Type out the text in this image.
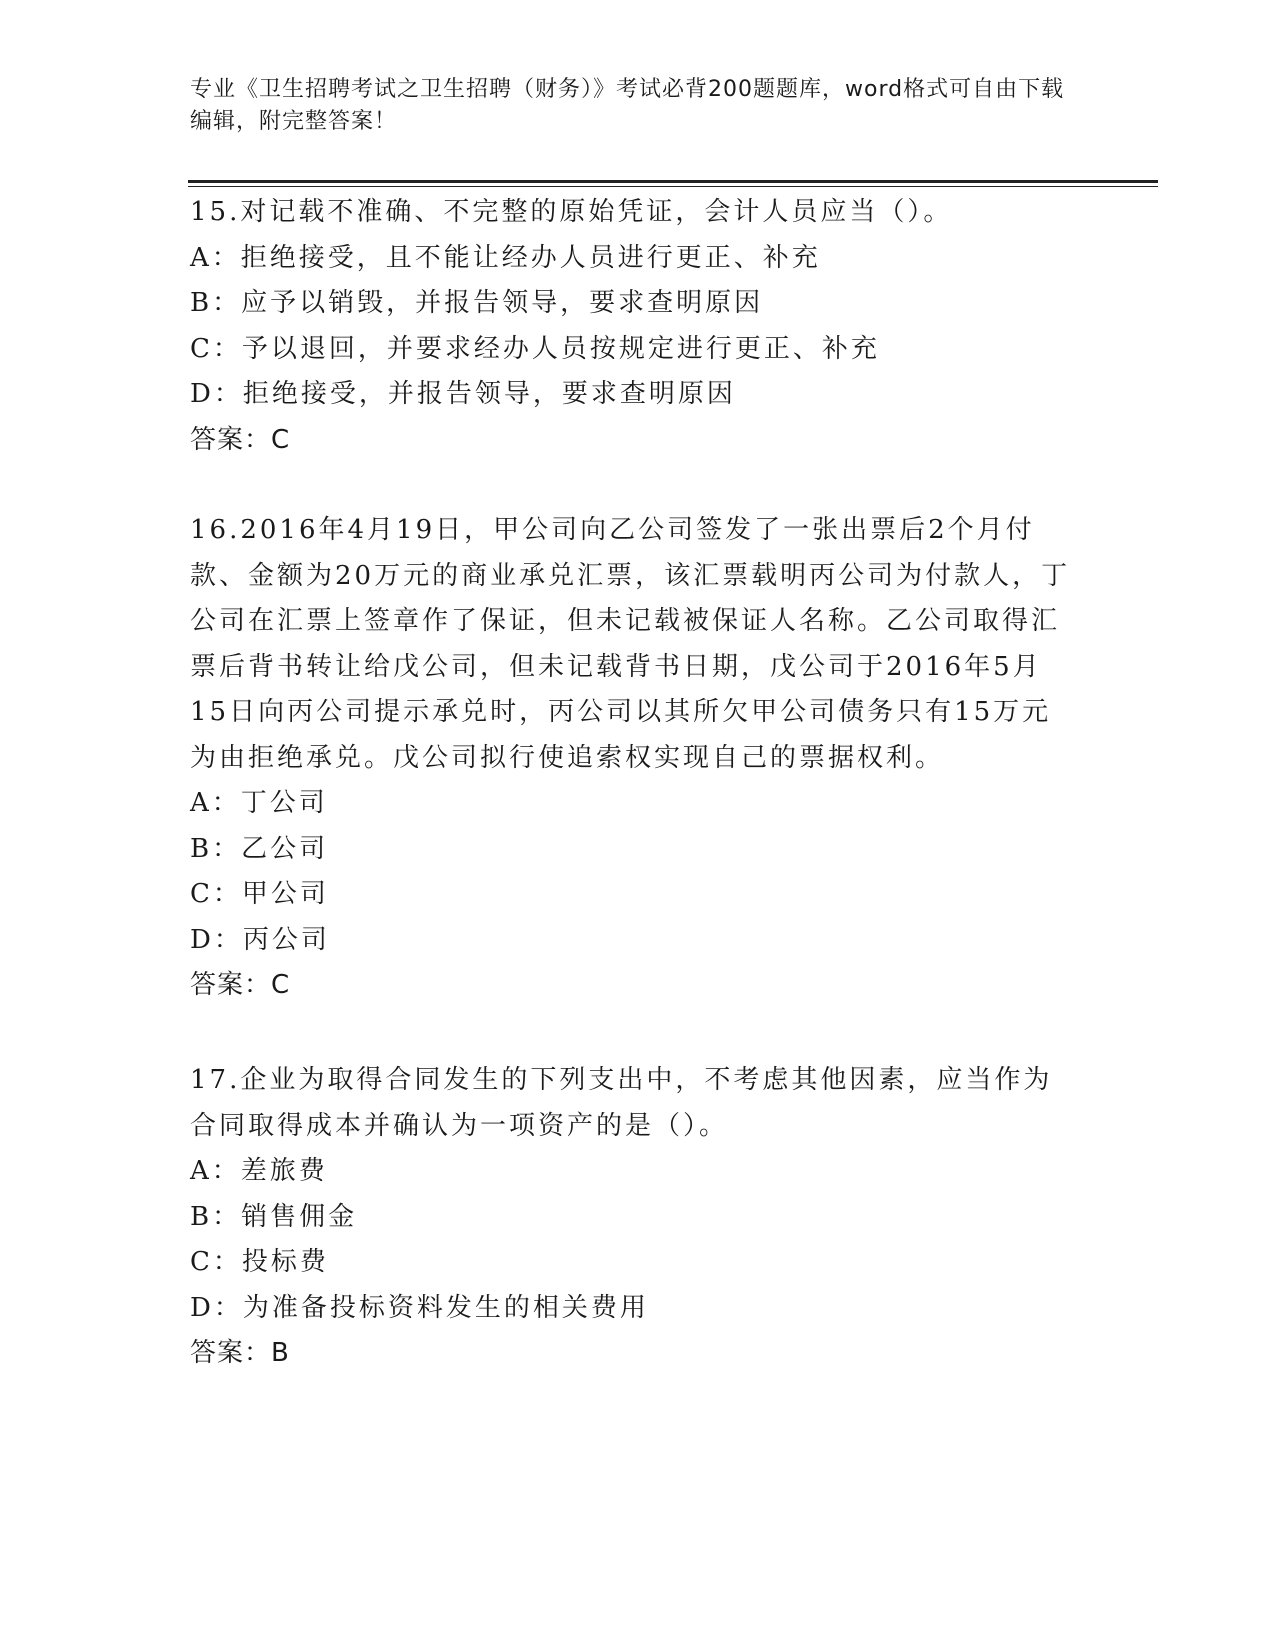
专业《卫生招聘考试之卫生招聘（财务）》考试必背200题题库，word格式可自由下载编辑，附完整答案！

15.对记载不准确、不完整的原始凭证，会计人员应当（）。

A：拒绝接受，且不能让经办人员进行更正、补充

B：应予以销毁，并报告领导，要求查明原因

C：予以退回，并要求经办人员按规定进行更正、补充

D：拒绝接受，并报告领导，要求查明原因

答案：C

16.2016年4月19日，甲公司向乙公司签发了一张出票后2个月付款、金额为20万元的商业承兑汇票，该汇票载明丙公司为付款人，丁公司在汇票上签章作了保证，但未记载被保证人名称。乙公司取得汇票后背书转让给戊公司，但未记载背书日期，戊公司于2016年5月15日向丙公司提示承兑时，丙公司以其所欠甲公司债务只有15万元为由拒绝承兑。戊公司拟行使追索权实现自己的票据权利。

A：丁公司

B：乙公司

C：甲公司

D：丙公司

答案：C

17.企业为取得合同发生的下列支出中，不考虑其他因素，应当作为合同取得成本并确认为一项资产的是（）。

A：差旅费

B：销售佣金

C：投标费

D：为准备投标资料发生的相关费用

答案：B
